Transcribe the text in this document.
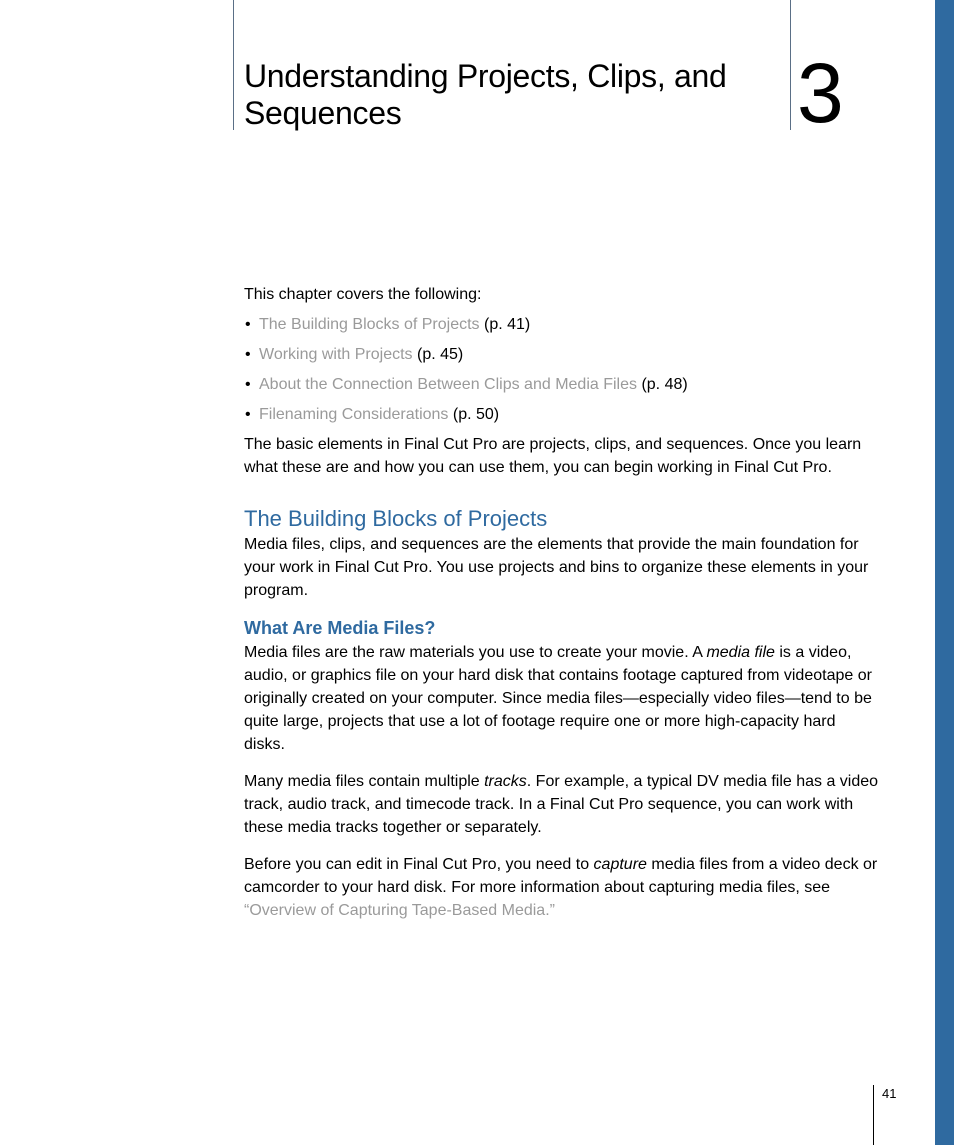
Understanding Projects, Clips, and Sequences	3

This chapter covers the following:

• The Building Blocks of Projects (p. 41)
• Working with Projects (p. 45)
• About the Connection Between Clips and Media Files (p. 48)
• Filenaming Considerations (p. 50)

The basic elements in Final Cut Pro are projects, clips, and sequences. Once you learn what these are and how you can use them, you can begin working in Final Cut Pro.

The Building Blocks of Projects

Media files, clips, and sequences are the elements that provide the main foundation for your work in Final Cut Pro. You use projects and bins to organize these elements in your program.

What Are Media Files?

Media files are the raw materials you use to create your movie. A media file is a video, audio, or graphics file on your hard disk that contains footage captured from videotape or originally created on your computer. Since media files—especially video files—tend to be quite large, projects that use a lot of footage require one or more high-capacity hard disks.

Many media files contain multiple tracks. For example, a typical DV media file has a video track, audio track, and timecode track. In a Final Cut Pro sequence, you can work with these media tracks together or separately.

Before you can edit in Final Cut Pro, you need to capture media files from a video deck or camcorder to your hard disk. For more information about capturing media files, see “Overview of Capturing Tape-Based Media.”

41
